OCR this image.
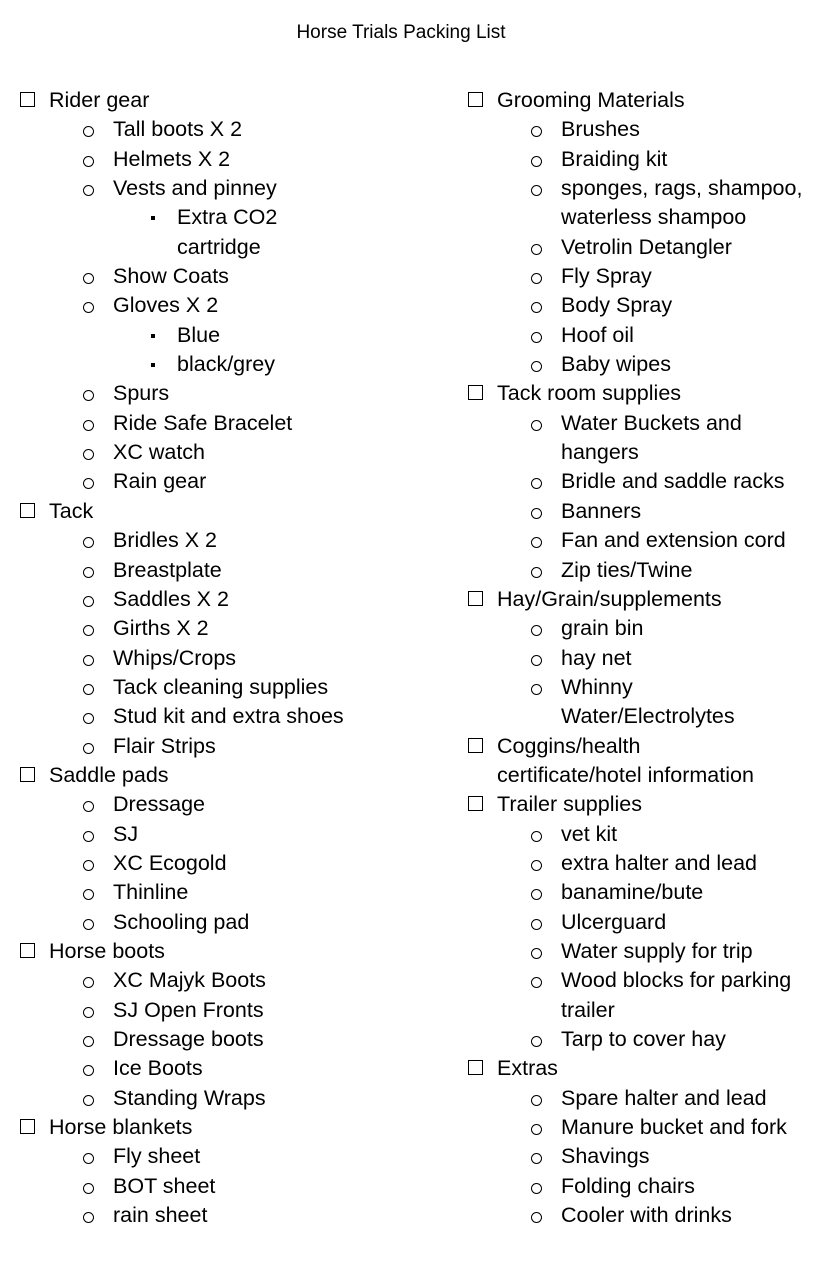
Horse Trials Packing List
Rider gear
Tall boots X 2
Helmets X 2
Vests and pinney
Extra CO2
cartridge
Show Coats
Gloves X 2
Blue
black/grey
Spurs
Ride Safe Bracelet
XC watch
Rain gear
Tack
Bridles X 2
Breastplate
Saddles X 2
Girths X 2
Whips/Crops
Tack cleaning supplies
Stud kit and extra shoes
Flair Strips
Saddle pads
Dressage
SJ
XC Ecogold
Thinline
Schooling pad
Horse boots
XC Majyk Boots
SJ Open Fronts
Dressage boots
Ice Boots
Standing Wraps
Horse blankets
Fly sheet
BOT sheet
rain sheet
Grooming Materials
Brushes
Braiding kit
sponges, rags, shampoo,
waterless shampoo
Vetrolin Detangler
Fly Spray
Body Spray
Hoof oil
Baby wipes
Tack room supplies
Water Buckets and
hangers
Bridle and saddle racks
Banners
Fan and extension cord
Zip ties/Twine
Hay/Grain/supplements
grain bin
hay net
Whinny
Water/Electrolytes
Coggins/health
certificate/hotel information
Trailer supplies
vet kit
extra halter and lead
banamine/bute
Ulcerguard
Water supply for trip
Wood blocks for parking
trailer
Tarp to cover hay
Extras
Spare halter and lead
Manure bucket and fork
Shavings
Folding chairs
Cooler with drinks
